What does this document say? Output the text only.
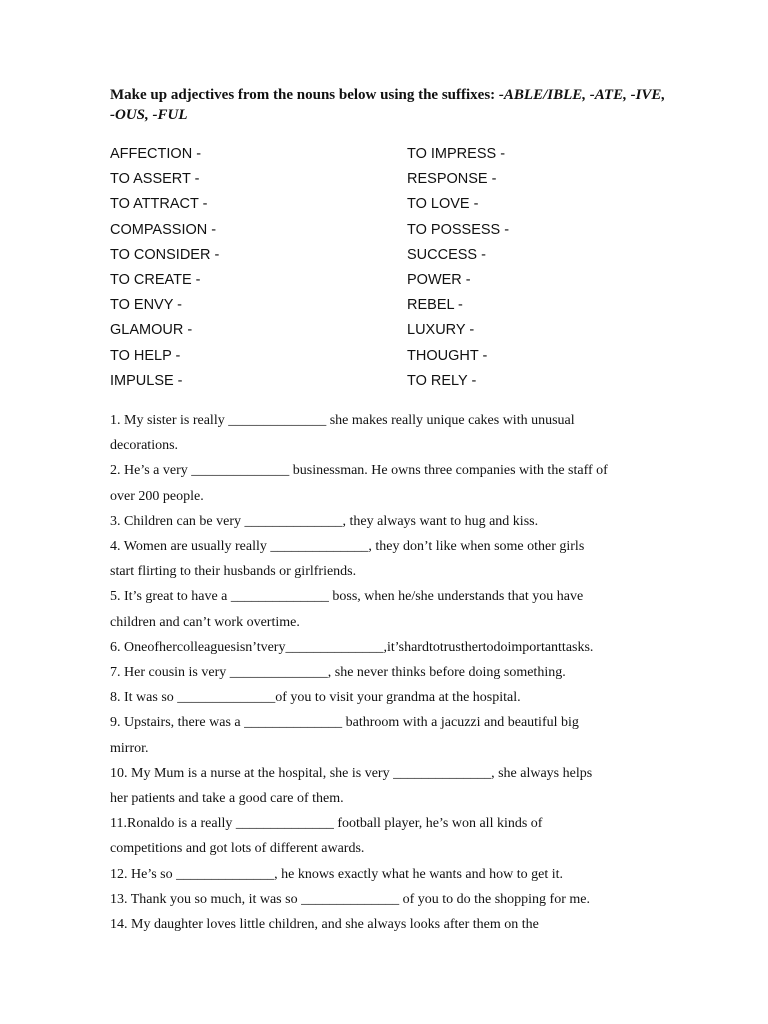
Make up adjectives from the nouns below using the suffixes: -ABLE/IBLE, -ATE, -IVE, -OUS, -FUL
AFFECTION -	TO IMPRESS -
TO ASSERT -	RESPONSE -
TO ATTRACT -	TO LOVE -
COMPASSION -	TO POSSESS -
TO CONSIDER -	SUCCESS -
TO CREATE -	POWER -
TO ENVY -	REBEL -
GLAMOUR -	LUXURY -
TO HELP -	THOUGHT -
IMPULSE -	TO RELY -
1. My sister is really ______________ she makes really unique cakes with unusual
decorations.
2. He’s a very ______________ businessman. He owns three companies with the staff of
over 200 people.
3. Children can be very ______________, they always want to hug and kiss.
4. Women are usually really ______________, they don’t like when some other girls
start flirting to their husbands or girlfriends.
5. It’s great to have a ______________ boss, when he/she understands that you have
children and can’t work overtime.
6. Oneofhercolleaguesisn’tvery______________,it’shardtotrusthertodoimportanttasks.
7. Her cousin is very ______________, she never thinks before doing something.
8. It was so ______________of you to visit your grandma at the hospital.
9. Upstairs, there was a ______________ bathroom with a jacuzzi and beautiful big
mirror.
10. My Mum is a nurse at the hospital, she is very ______________, she always helps
her patients and take a good care of them.
11.Ronaldo is a really ______________ football player, he’s won all kinds of
competitions and got lots of different awards.
12. He’s so ______________, he knows exactly what he wants and how to get it.
13. Thank you so much, it was so ______________ of you to do the shopping for me.
14. My daughter loves little children, and she always looks after them on the
